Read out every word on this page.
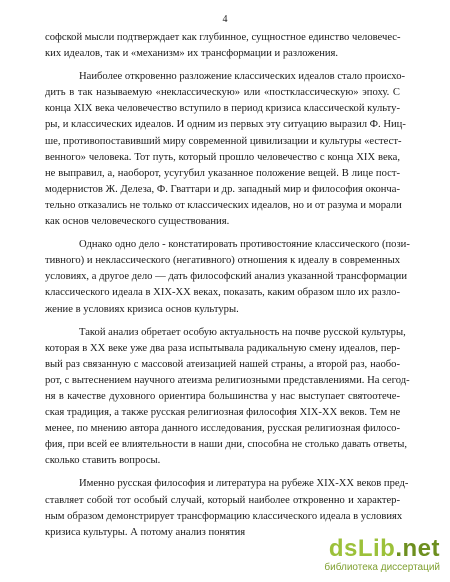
4
софской мысли подтверждает как глубинное, сущностное единство человечес-
ких идеалов, так и «механизм» их трансформации и разложения.
Наиболее откровенно разложение классических идеалов стало происхо-
дить в так называемую «неклассическую» или «постклассическую» эпоху. С
конца XIX века человечество вступило в период кризиса классической культу-
ры, и классических идеалов. И одним из первых эту ситуацию выразил Ф. Ниц-
ше, противопоставивший миру современной цивилизации и культуры «естест-
венного» человека. Тот путь, который прошло человечество с конца XIX века,
не выправил, а, наоборот, усугубил указанное положение вещей. В лице пост-
модернистов Ж. Делеза, Ф. Гваттари и др. западный мир и философия оконча-
тельно отказались не только от классических идеалов, но и от разума и морали
как основ человеческого существования.
Однако одно дело - констатировать противостояние классического (пози-
тивного) и неклассического (негативного) отношения к идеалу в современных
условиях, а другое дело — дать философский анализ указанной трансформации
классического идеала в XIX-XX веках, показать, каким образом шло их разло-
жение в условиях кризиса основ культуры.
Такой анализ обретает особую актуальность на почве русской культуры,
которая в XX веке уже два раза испытывала радикальную смену идеалов, пер-
вый раз связанную с массовой атеизацией нашей страны, а второй раз, наобо-
рот, с вытеснением научного атеизма религиозными представлениями. На сегод-
ня в качестве духовного ориентира большинства у нас выступает святоотече-
ская традиция, а также русская религиозная философия XIX-XX веков. Тем не
менее, по мнению автора данного исследования, русская религиозная филосо-
фия, при всей ее влиятельности в наши дни, способна не столько давать ответы,
сколько ставить вопросы.
Именно русская философия и литература на рубеже XIX-XX веков пред-
ставляет собой тот особый случай, который наиболее откровенно и характер-
ным образом демонстрирует трансформацию классического идеала в условиях
кризиса культуры. А потому анализ понятия
dsLib.net
библиотека диссертаций
